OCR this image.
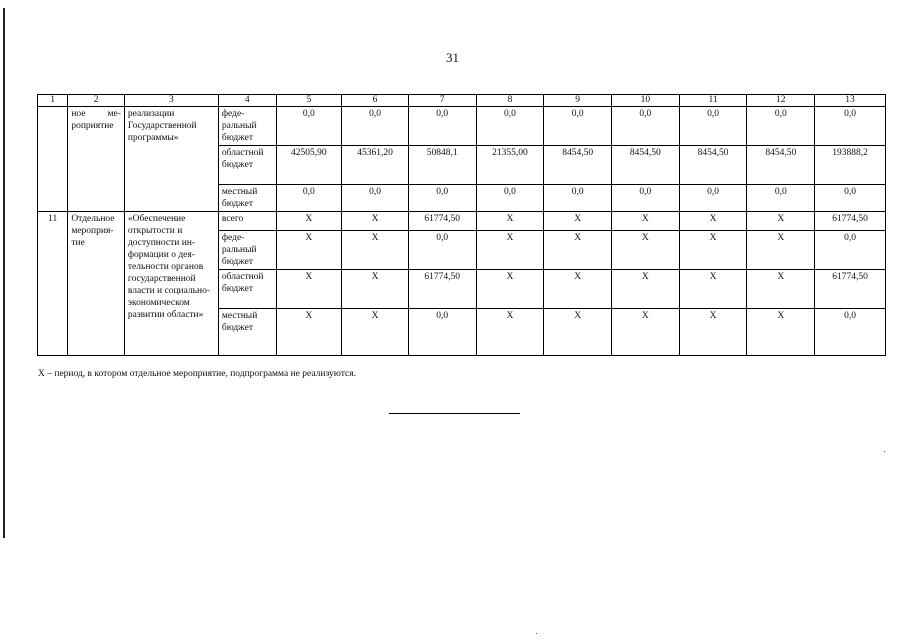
31
1	2	3	4	5	6	7	8	9	10	11	12	13
	ное мероприятие	реализации Государственной программы»	федеральный бюджет	0,0	0,0	0,0	0,0	0,0	0,0	0,0	0,0	0,0
			областной бюджет	42505,90	45361,20	50848,1	21355,00	8454,50	8454,50	8454,50	8454,50	193888,2
			местный бюджет	0,0	0,0	0,0	0,0	0,0	0,0	0,0	0,0	0,0
11	Отдельное мероприятие	«Обеспечение открытости и доступности информации о деятельности органов государственной власти и социально-экономическом развитии области»	всего	Х	Х	61774,50	Х	Х	Х	Х	Х	61774,50
			федеральный бюджет	Х	Х	0,0	Х	Х	Х	Х	Х	0,0
			областной бюджет	Х	Х	61774,50	Х	Х	Х	Х	Х	61774,50
			местный бюджет	Х	Х	0,0	Х	Х	Х	Х	Х	0,0
Х – период, в котором отдельное мероприятие, подпрограмма не реализуются.
